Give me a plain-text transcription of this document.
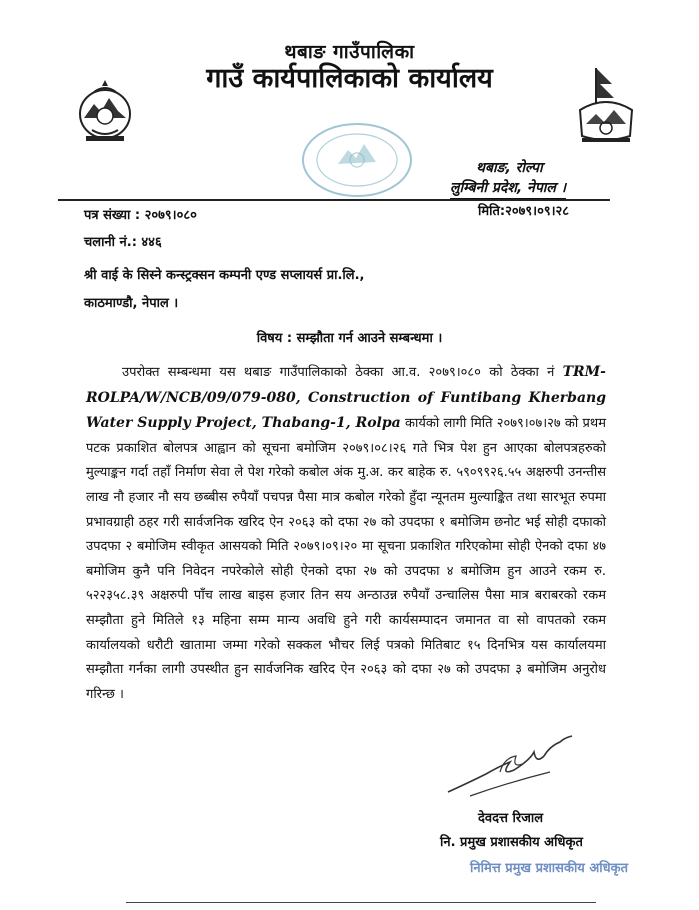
थबाङ गाउँपालिका
गाउँ कार्यपालिकाको कार्यालय
थबाङ, रोल्पा
लुम्बिनी प्रदेश, नेपाल ।
पत्र संख्या : २०७९।०८०	मिति:२०७९।०९।२८
चलानी नं.: ४४६
श्री वाई के सिस्ने कन्स्ट्रक्सन कम्पनी एण्ड सप्लायर्स प्रा.लि.,
काठमाण्डौ, नेपाल ।
विषय : सम्झौता गर्न आउने सम्बन्धमा ।
उपरोक्त सम्बन्धमा यस थबाङ गाउँपालिकाको ठेक्का आ.व. २०७९।०८० को ठेक्का नं TRM-ROLPA/W/NCB/09/079-080, Construction of Funtibang Kherbang Water Supply Project, Thabang-1, Rolpa कार्यको लागी मिति २०७९।०७।२७ को प्रथम पटक प्रकाशित बोलपत्र आह्वान को सूचना बमोजिम २०७९।०८।२६ गते भित्र पेश हुन आएका बोलपत्रहरुको मुल्याङ्कन गर्दा तहाँ निर्माण सेवा ले पेश गरेको कबोल अंक मु.अ. कर बाहेक रु. ५९०९९२६.५५ अक्षरुपी उनन्तीस लाख नौ हजार नौ सय छब्बीस रुपैयाँ पचपन्न पैसा मात्र कबोल गरेको हुँदा न्यूनतम मुल्याङ्कित तथा सारभूत रुपमा प्रभावग्राही ठहर गरी सार्वजनिक खरिद ऐन २०६३ को दफा २७ को उपदफा १ बमोजिम छनोट भई सोही दफाको उपदफा २ बमोजिम स्वीकृत आसयको मिति २०७९।०९।२० मा सूचना प्रकाशित गरिएकोमा सोही ऐनको दफा ४७ बमोजिम कुनै पनि निवेदन नपरेकोले सोही ऐनको दफा २७ को उपदफा ४ बमोजिम हुन आउने रकम रु. ५२२३५८.३९ अक्षरुपी पाँच लाख बाइस हजार तिन सय अन्ठाउन्न रुपैयाँ उन्चालिस पैसा मात्र बराबरको रकम सम्झौता हुने मितिले १३ महिना सम्म मान्य अवधि हुने गरी कार्यसम्पादन जमानत वा सो वापतको रकम कार्यालयको धरौटी खातामा जम्मा गरेको सक्कल भौचर लिई पत्रको मितिबाट १५ दिनभित्र यस कार्यालयमा सम्झौता गर्नका लागी उपस्थीत हुन सार्वजनिक खरिद ऐन २०६३ को दफा २७ को उपदफा ३ बमोजिम अनुरोध गरिन्छ ।
देवदत्त रिजाल
नि. प्रमुख प्रशासकीय अधिकृत
निमित्त प्रमुख प्रशासकीय अधिकृत
